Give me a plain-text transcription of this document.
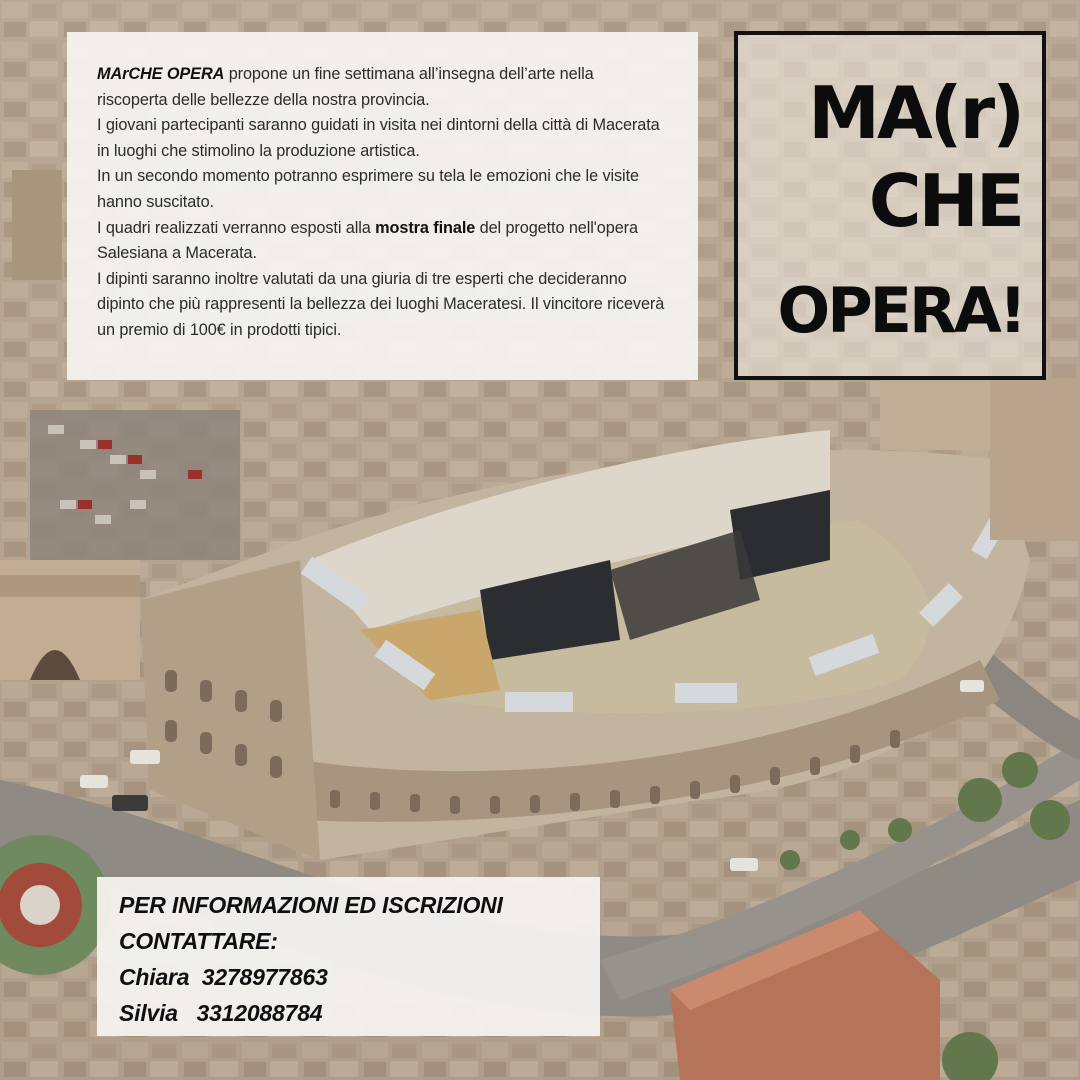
MArCHE OPERA propone un fine settimana all’insegna dell’arte nella riscoperta delle bellezze della nostra provincia.
I giovani partecipanti saranno guidati in visita nei dintorni della città di Macerata in luoghi che stimolino la produzione artistica.
In un secondo momento potranno esprimere su tela le emozioni che le visite hanno suscitato.
I quadri realizzati verranno esposti alla mostra finale del progetto nell'opera Salesiana a Macerata.
I dipinti saranno inoltre valutati da una giuria di tre esperti che decideranno dipinto che più rappresenti la bellezza dei luoghi Maceratesi. Il vincitore riceverà un premio di 100€ in prodotti tipici.

MA(r)
CHE
OPERA!
PER INFORMAZIONI ED ISCRIZIONI
CONTATTARE:
Chiara  3278977863
Silvia   3312088784
